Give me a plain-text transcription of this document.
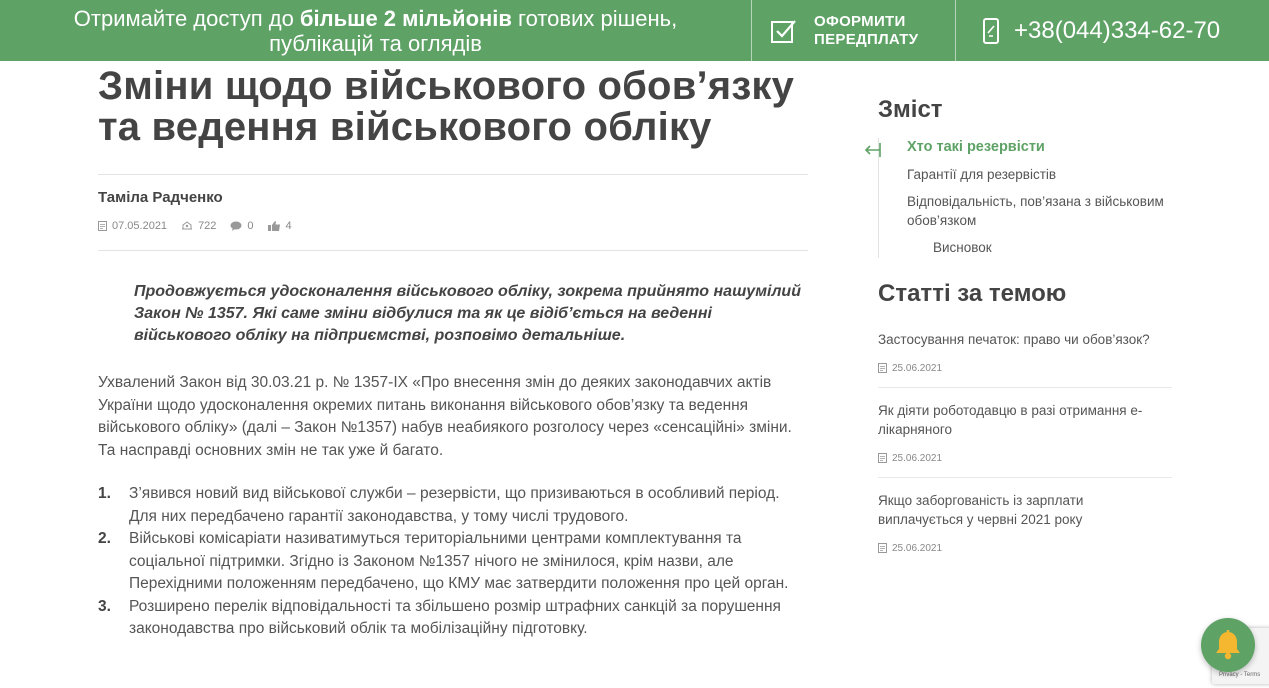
Отримайте доступ до більше 2 мільйонів готових рішень,
публікацій та оглядів
ОФОРМИТИ
ПЕРЕДПЛАТУ	+38(044)334-62-70
Зміни щодо військового обов’язку та ведення військового обліку
Таміла Радченко
07.05.2021	722	0	4

Продовжується удосконалення військового обліку, зокрема прийнято нашумілий Закон № 1357. Які саме зміни відбулися та як це відіб’ється на веденні військового обліку на підприємстві, розповімо детальніше.

Ухвалений Закон від 30.03.21 р. № 1357-IX «Про внесення змін до деяких законодавчих актів України щодо удосконалення окремих питань виконання військового обов’язку та ведення військового обліку» (далі – Закон №1357) набув неабиякого розголосу через «сенсаційні» зміни. Та насправді основних змін не так уже й багато.

1.	З’явився новий вид військової служби – резервісти, що призиваються в особливий період. Для них передбачено гарантії законодавства, у тому числі трудового.
2.	Військові комісаріати називатимуться територіальними центрами комплектування та соціальної підтримки. Згідно із Законом №1357 нічого не змінилося, крім назви, але Перехідними положенням передбачено, що КМУ має затвердити положення про цей орган.
3.	Розширено перелік відповідальності та збільшено розмір штрафних санкцій за порушення законодавства про військовий облік та мобілізаційну підготовку.
Зміст
Хто такі резервісти
Гарантії для резервістів
Відповідальність, пов’язана з військовим обов’язком
Висновок
Статті за темою
Застосування печаток: право чи обов’язок?
25.06.2021
Як діяти роботодавцю в разі отримання е-лікарняного
25.06.2021
Якщо заборгованість із зарплати виплачується у червні 2021 року
25.06.2021
Privacy - Terms
